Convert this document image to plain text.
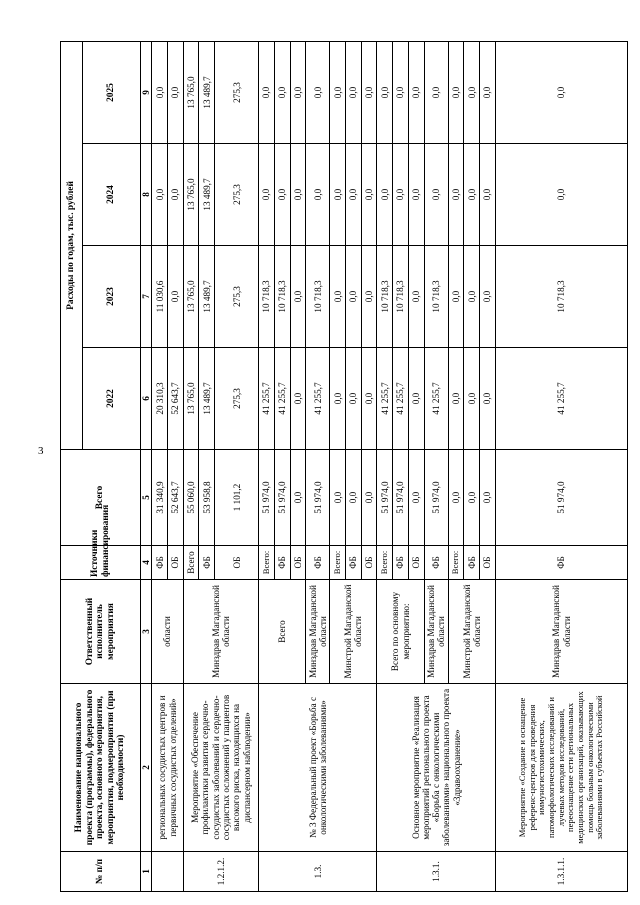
3
№ п/п	Наименование национального проекта (программы), федерального проекта, основного мероприятия, мероприятия, подмероприятия (при необходимости)	Ответственный исполнитель мероприятия	Источники финансирования	Всего	Расходы по годам, тыс. рублей			
					2022	2023	2024	2025
1	2	3	4	5	6	7	8	9
	региональных сосудистых центров и первичных сосудистых отделений»	области	ФБ	31 340,9	20 310,3	11 030,6	0,0	0,0
			ОБ	52 643,7	52 643,7	0,0	0,0	0,0
1.2.1.2.	Мероприятие «Обеспечение профилактики развития сердечно-сосудистых заболеваний и сердечно-сосудистых осложнений у пациентов высокого риска, находящихся на диспансерном наблюдении»	Минздрав Магаданской области	Всего	55 060,0	13 765,0	13 765,0	13 765,0	13 765,0
			ФБ	53 958,8	13 489,7	13 489,7	13 489,7	13 489,7
			ОБ	1 101,2	275,3	275,3	275,3	275,3
1.3.	№ 3 Федеральный проект «Борьба с онкологическими заболеваниями»	Всего	Всего:	51 974,0	41 255,7	10 718,3	0,0	0,0
			ФБ	51 974,0	41 255,7	10 718,3	0,0	0,0
			ОБ	0,0	0,0	0,0	0,0	0,0
		Минздрав Магаданской области	ФБ	51 974,0	41 255,7	10 718,3	0,0	0,0
		Минстрой Магаданской области	Всего:	0,0	0,0	0,0	0,0	0,0
			ФБ	0,0	0,0	0,0	0,0	0,0
			ОБ	0,0	0,0	0,0	0,0	0,0
1.3.1.	Основное мероприятие «Реализация мероприятий регионального проекта «Борьба с онкологическими заболеваниями» национального проекта «Здравоохранение»	Всего по основному мероприятию:	Всего:	51 974,0	41 255,7	10 718,3	0,0	0,0
			ФБ	51 974,0	41 255,7	10 718,3	0,0	0,0
			ОБ	0,0	0,0	0,0	0,0	0,0
		Минздрав Магаданской области	ФБ	51 974,0	41 255,7	10 718,3	0,0	0,0
		Минстрой Магаданской области	Всего:	0,0	0,0	0,0	0,0	0,0
			ФБ	0,0	0,0	0,0	0,0	0,0
			ОБ	0,0	0,0	0,0	0,0	0,0
1.3.1.1.	Мероприятие «Создание и оснащение референс-центров для проведения иммуногистохимических, патоморфологических исследований и лучевых методов исследований, переоснащение сети региональных медицинских организаций, оказывающих помощь больным онкологическими заболеваниями в субъектах Российской	Минздрав Магаданской области	ФБ	51 974,0	41 255,7	10 718,3	0,0	0,0
